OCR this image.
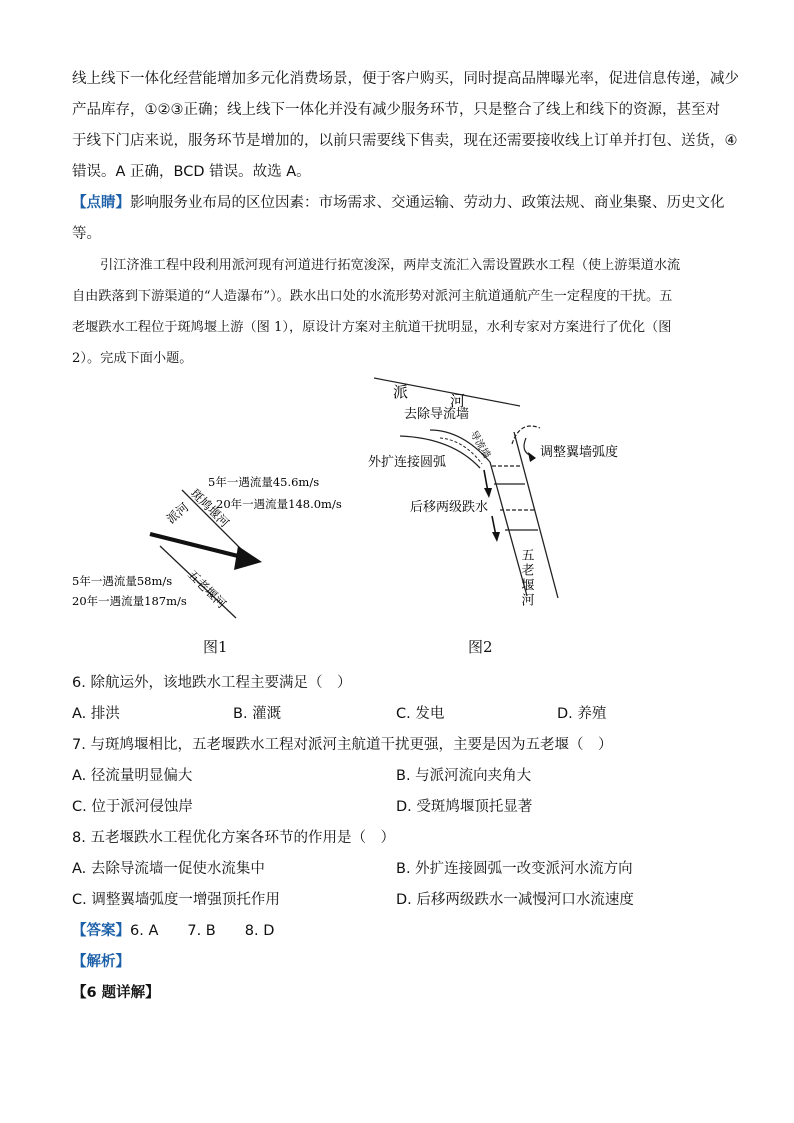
线上线下一体化经营能增加多元化消费场景，便于客户购买，同时提高品牌曝光率，促进信息传递，减少
产品库存，①②③正确；线上线下一体化并没有减少服务环节，只是整合了线上和线下的资源，甚至对
于线下门店来说，服务环节是增加的，以前只需要线下售卖，现在还需要接收线上订单并打包、送货，④
错误。A 正确，BCD 错误。故选 A。
【点睛】影响服务业布局的区位因素：市场需求、交通运输、劳动力、政策法规、商业集聚、历史文化
等。
引江济淮工程中段利用派河现有河道进行拓宽浚深，两岸支流汇入需设置跌水工程（使上游渠道水流
自由跌落到下游渠道的“人造瀑布”）。跌水出口处的水流形势对派河主航道通航产生一定程度的干扰。五
老堰跌水工程位于斑鸠堰上游（图 1），原设计方案对主航道干扰明显，水利专家对方案进行了优化（图
2）。完成下面小题。
5年一遇流量45.6m/s
20年一遇流量148.0m/s
斑鸠堰河
派河
五老堰河
5年一遇流量58m/s
20年一遇流量187m/s
派	河
去除导流墙
导流墙
外扩连接圆弧
调整翼墙弧度
后移两级跌水
五老堰河
图1	图2
6. 除航运外，该地跌水工程主要满足（　）
A. 排洪	B. 灌溉	C. 发电	D. 养殖
7. 与斑鸠堰相比，五老堰跌水工程对派河主航道干扰更强，主要是因为五老堰（　）
A. 径流量明显偏大	B. 与派河流向夹角大
C. 位于派河侵蚀岸	D. 受斑鸠堰顶托显著
8. 五老堰跌水工程优化方案各环节的作用是（　）
A. 去除导流墙一促使水流集中	B. 外扩连接圆弧一改变派河水流方向
C. 调整翼墙弧度一增强顶托作用	D. 后移两级跌水一减慢河口水流速度
【答案】6. A　　7. B　　8. D
【解析】
【6 题详解】
